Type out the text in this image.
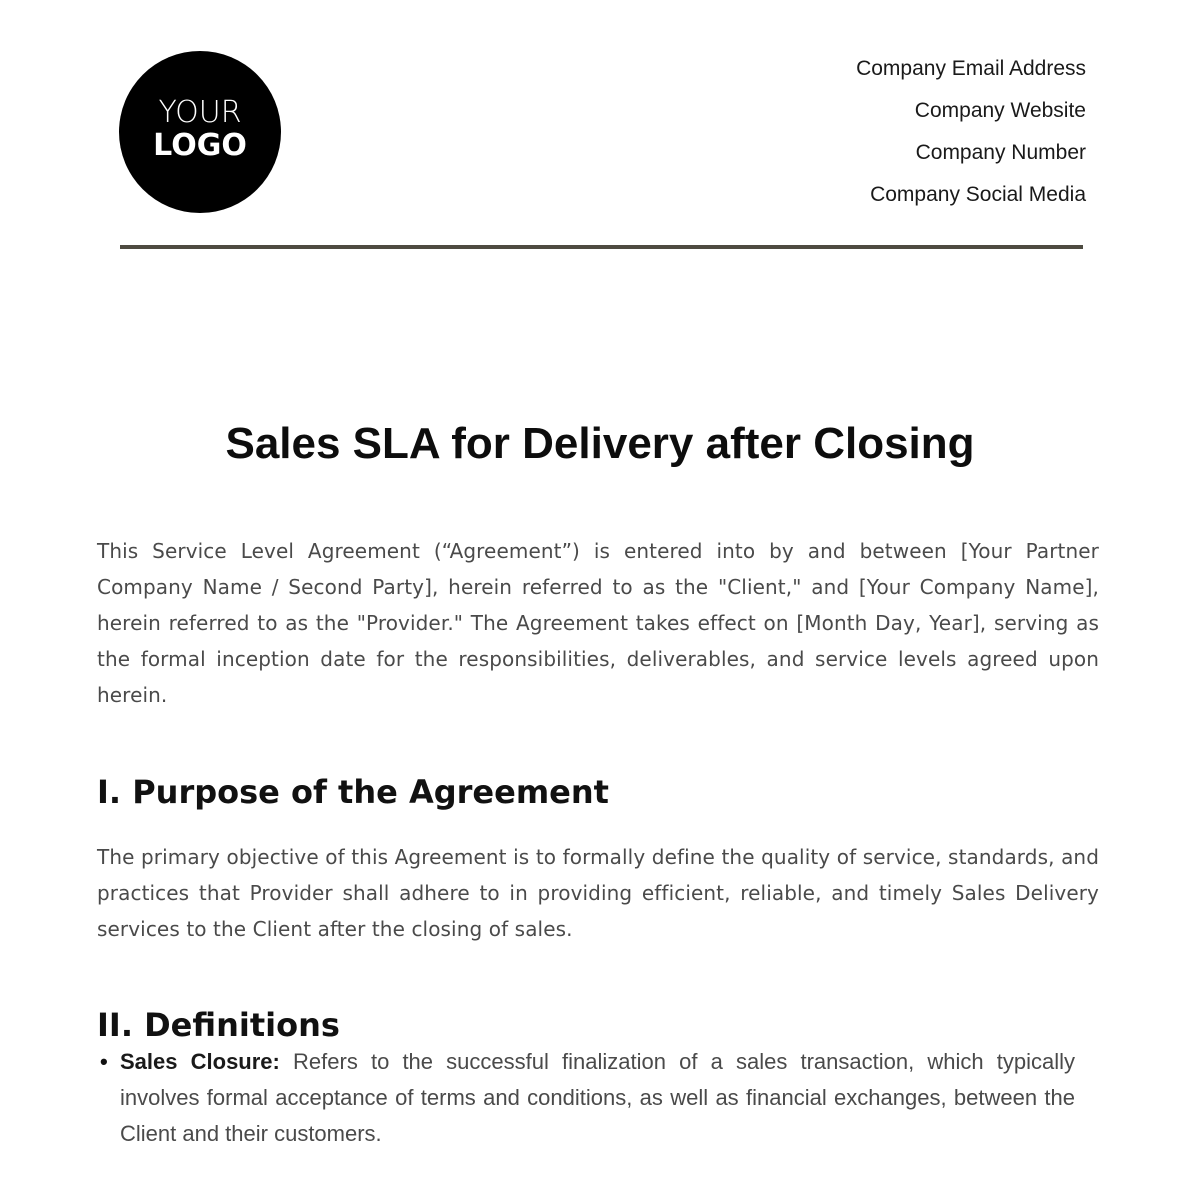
YOUR
LOGO
Company Email Address
Company Website
Company Number
Company Social Media
Sales SLA for Delivery after Closing

This Service Level Agreement (“Agreement”) is entered into by and between [Your Partner Company Name / Second Party], herein referred to as the "Client," and [Your Company Name], herein referred to as the "Provider." The Agreement takes effect on [Month Day, Year], serving as the formal inception date for the responsibilities, deliverables, and service levels agreed upon herein.

I. Purpose of the Agreement

The primary objective of this Agreement is to formally define the quality of service, standards, and practices that Provider shall adhere to in providing efficient, reliable, and timely Sales Delivery services to the Client after the closing of sales.

II. Definitions
• Sales Closure: Refers to the successful finalization of a sales transaction, which typically involves formal acceptance of terms and conditions, as well as financial exchanges, between the Client and their customers.
